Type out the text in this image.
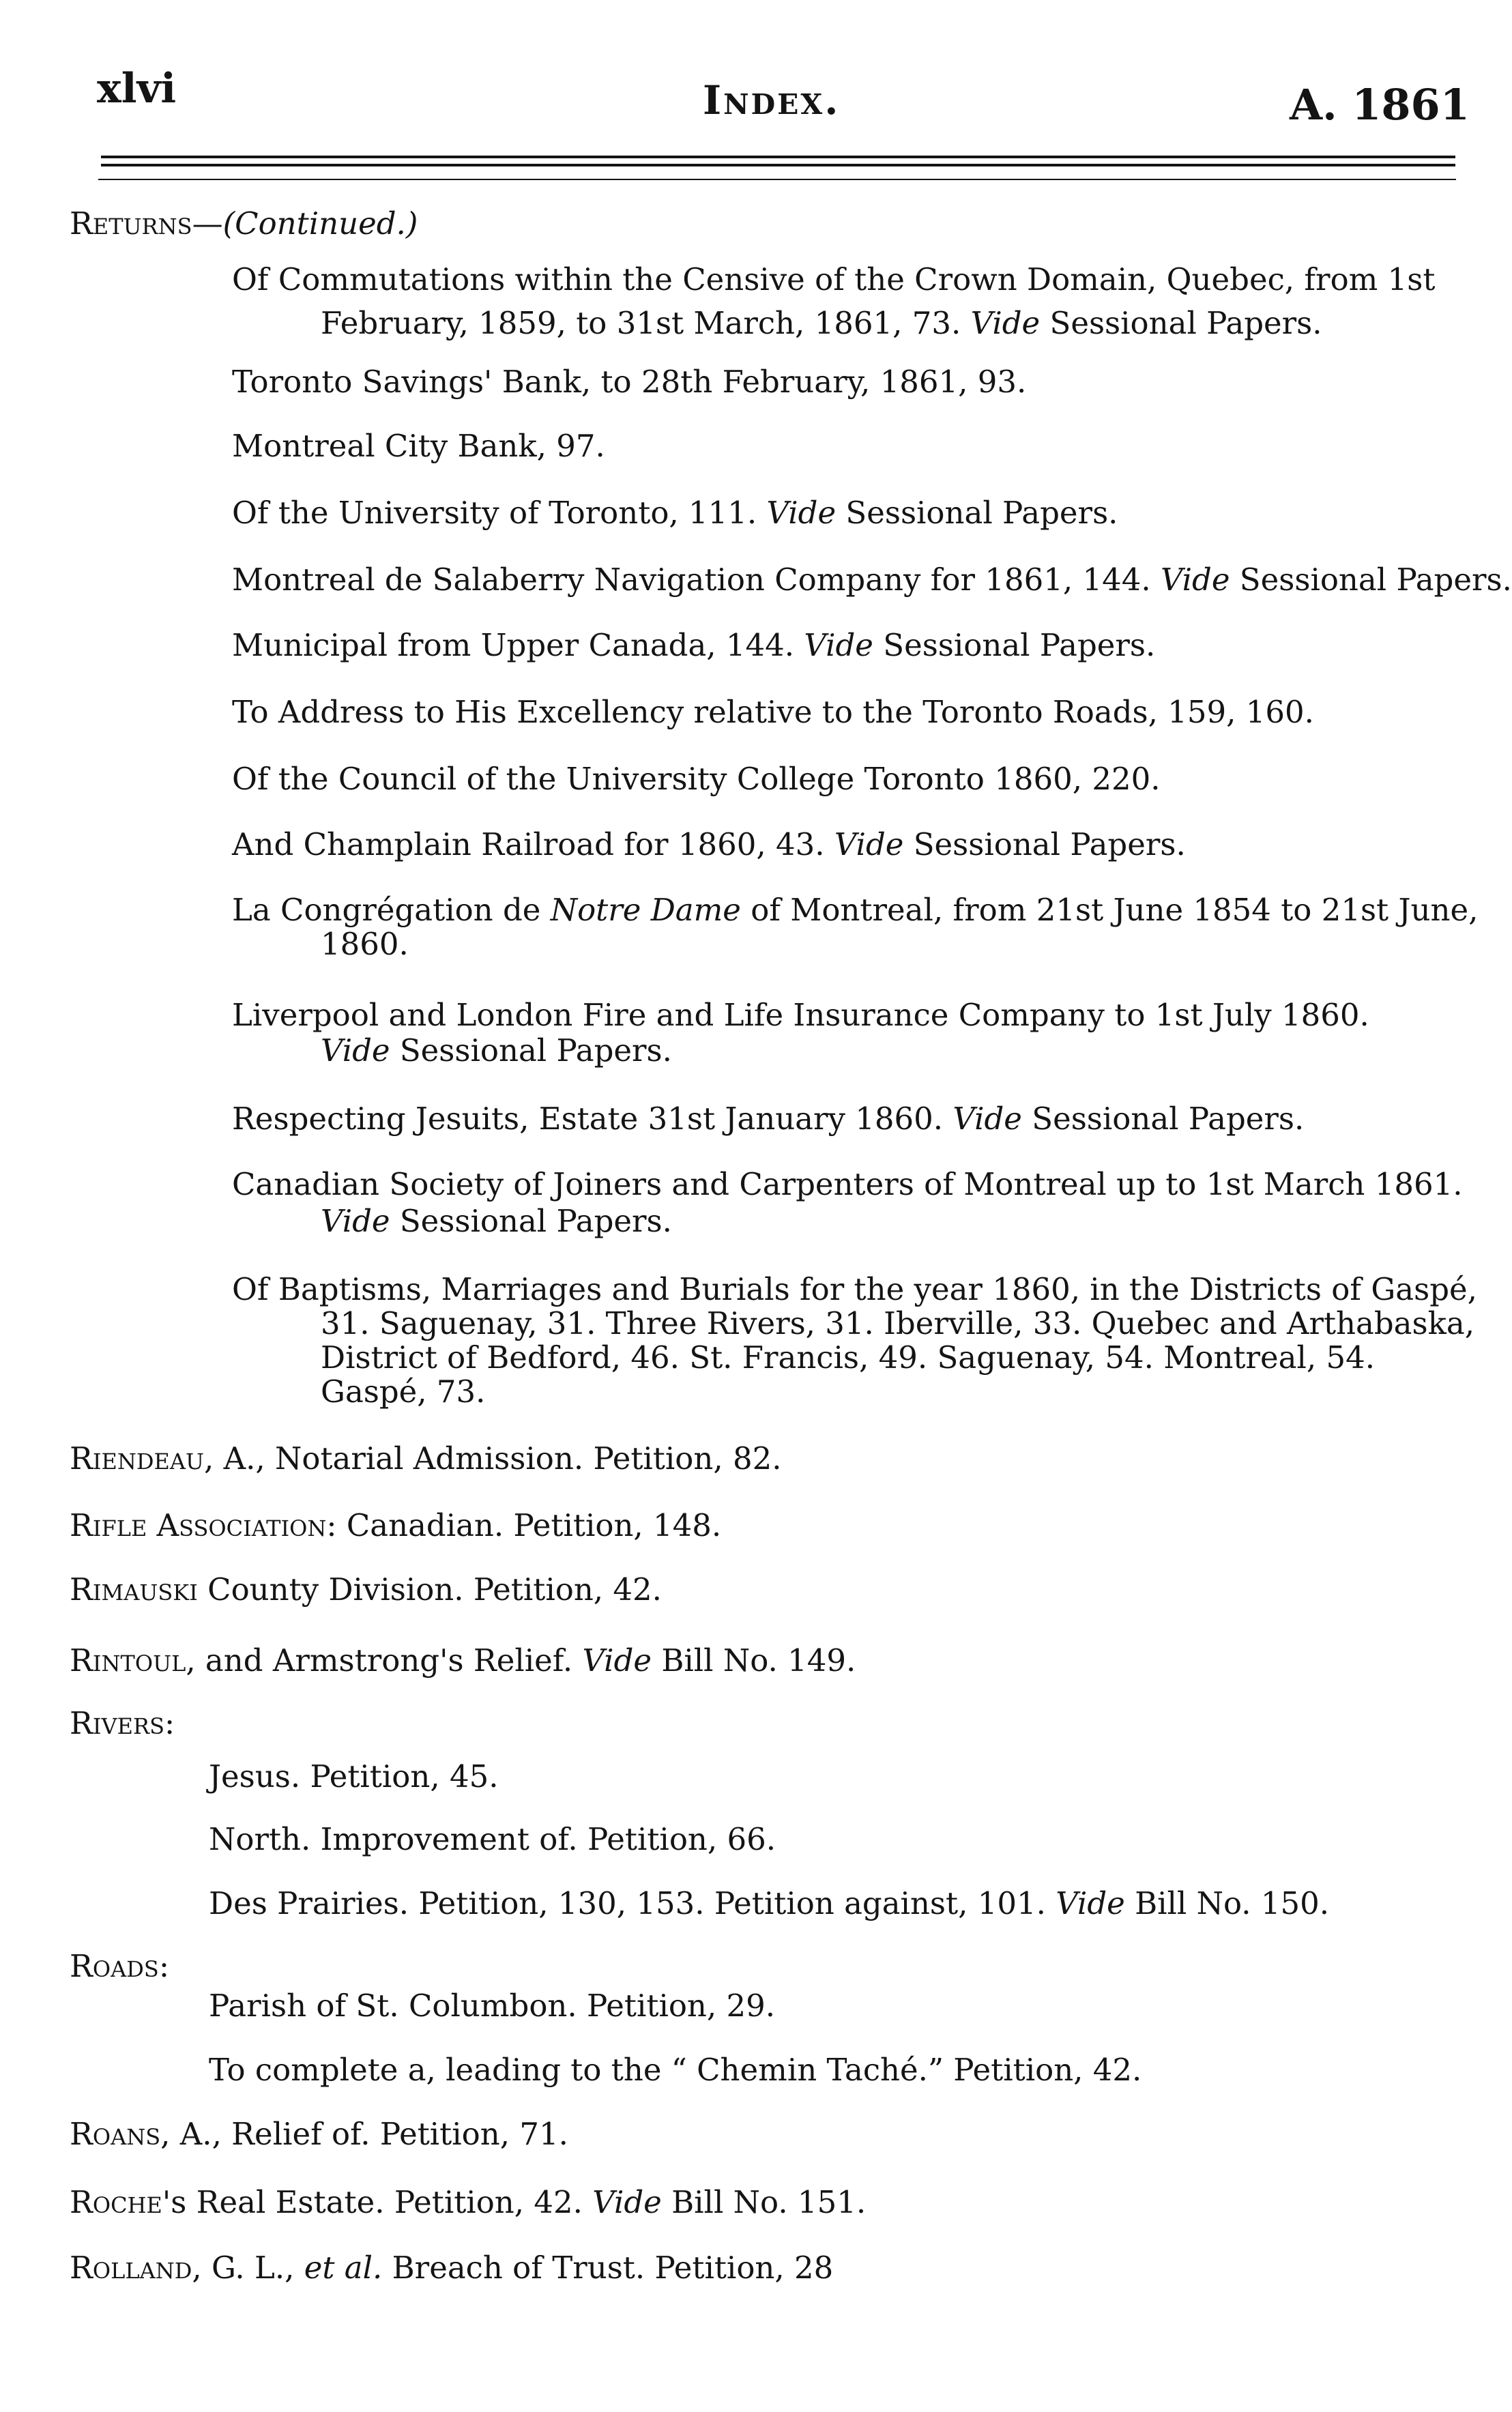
xlvi	Index.	A. 1861
Returns—(Continued.)
Of Commutations within the Censive of the Crown Domain, Quebec, from 1st
February, 1859, to 31st March, 1861, 73. Vide Sessional Papers.
Toronto Savings' Bank, to 28th February, 1861, 93.
Montreal City Bank, 97.
Of the University of Toronto, 111. Vide Sessional Papers.
Montreal de Salaberry Navigation Company for 1861, 144. Vide Sessional Papers.
Municipal from Upper Canada, 144. Vide Sessional Papers.
To Address to His Excellency relative to the Toronto Roads, 159, 160.
Of the Council of the University College Toronto 1860, 220.
And Champlain Railroad for 1860, 43. Vide Sessional Papers.
La Congrégation de Notre Dame of Montreal, from 21st June 1854 to 21st June,
1860.
Liverpool and London Fire and Life Insurance Company to 1st July 1860.
Vide Sessional Papers.
Respecting Jesuits, Estate 31st January 1860. Vide Sessional Papers.
Canadian Society of Joiners and Carpenters of Montreal up to 1st March 1861.
Vide Sessional Papers.
Of Baptisms, Marriages and Burials for the year 1860, in the Districts of Gaspé,
31. Saguenay, 31. Three Rivers, 31. Iberville, 33. Quebec and Arthabaska,
District of Bedford, 46. St. Francis, 49. Saguenay, 54. Montreal, 54.
Gaspé, 73.
Riendeau, A., Notarial Admission. Petition, 82.
Rifle Association: Canadian. Petition, 148.
Rimauski County Division. Petition, 42.
Rintoul, and Armstrong's Relief. Vide Bill No. 149.
Rivers:
Jesus. Petition, 45.
North. Improvement of. Petition, 66.
Des Prairies. Petition, 130, 153. Petition against, 101. Vide Bill No. 150.
Roads:
Parish of St. Columbon. Petition, 29.
To complete a, leading to the “ Chemin Taché.” Petition, 42.
Roans, A., Relief of. Petition, 71.
Roche's Real Estate. Petition, 42. Vide Bill No. 151.
Rolland, G. L., et al. Breach of Trust. Petition, 28
